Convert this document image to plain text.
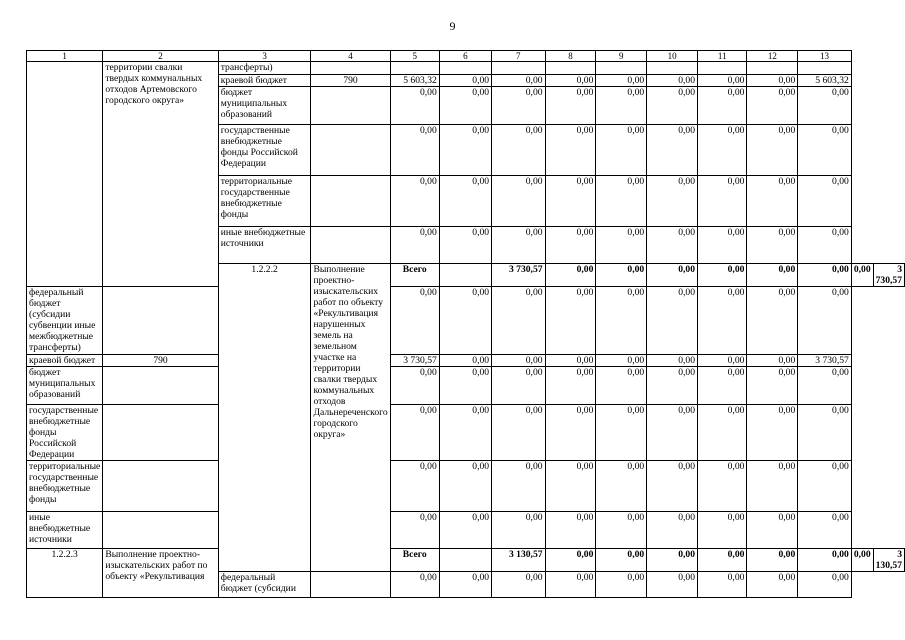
9
1	2	3	4	5	6	7	8	9	10	11	12	13		
	территории свалки твердых коммунальных отходов Артемовского городского округа»	трансферты)												
		краевой бюджет	790	5 603,32	0,00	0,00	0,00	0,00	0,00	0,00	0,00	5 603,32		
		бюджет муниципальных образований		0,00	0,00	0,00	0,00	0,00	0,00	0,00	0,00	0,00		
		государственные внебюджетные фонды Российской Федерации		0,00	0,00	0,00	0,00	0,00	0,00	0,00	0,00	0,00		
		территориальные государственные внебюджетные фонды		0,00	0,00	0,00	0,00	0,00	0,00	0,00	0,00	0,00		
		иные внебюджетные источники		0,00	0,00	0,00	0,00	0,00	0,00	0,00	0,00	0,00		
		1.2.2.2	Выполнение проектно-изыскательских работ по объекту «Рекультивация нарушенных земель на земельном участке на территории свалки твердых коммунальных отходов Дальнереченского городского округа»	Всего		3 730,57	0,00	0,00	0,00	0,00	0,00	0,00	0,00	3 730,57
федеральный бюджет (субсидии субвенции иные межбюджетные трансферты)				0,00	0,00	0,00	0,00	0,00	0,00	0,00	0,00	0,00		
краевой бюджет	790			3 730,57	0,00	0,00	0,00	0,00	0,00	0,00	0,00	3 730,57		
бюджет муниципальных образований				0,00	0,00	0,00	0,00	0,00	0,00	0,00	0,00	0,00		
государственные внебюджетные фонды Российской Федерации				0,00	0,00	0,00	0,00	0,00	0,00	0,00	0,00	0,00		
территориальные государственные внебюджетные фонды				0,00	0,00	0,00	0,00	0,00	0,00	0,00	0,00	0,00		
иные внебюджетные источники				0,00	0,00	0,00	0,00	0,00	0,00	0,00	0,00	0,00		
1.2.2.3	Выполнение проектно-изыскательских работ по объекту «Рекультивация			Всего		3 130,57	0,00	0,00	0,00	0,00	0,00	0,00	0,00	3 130,57
		федеральный бюджет (субсидии		0,00	0,00	0,00	0,00	0,00	0,00	0,00	0,00	0,00		
